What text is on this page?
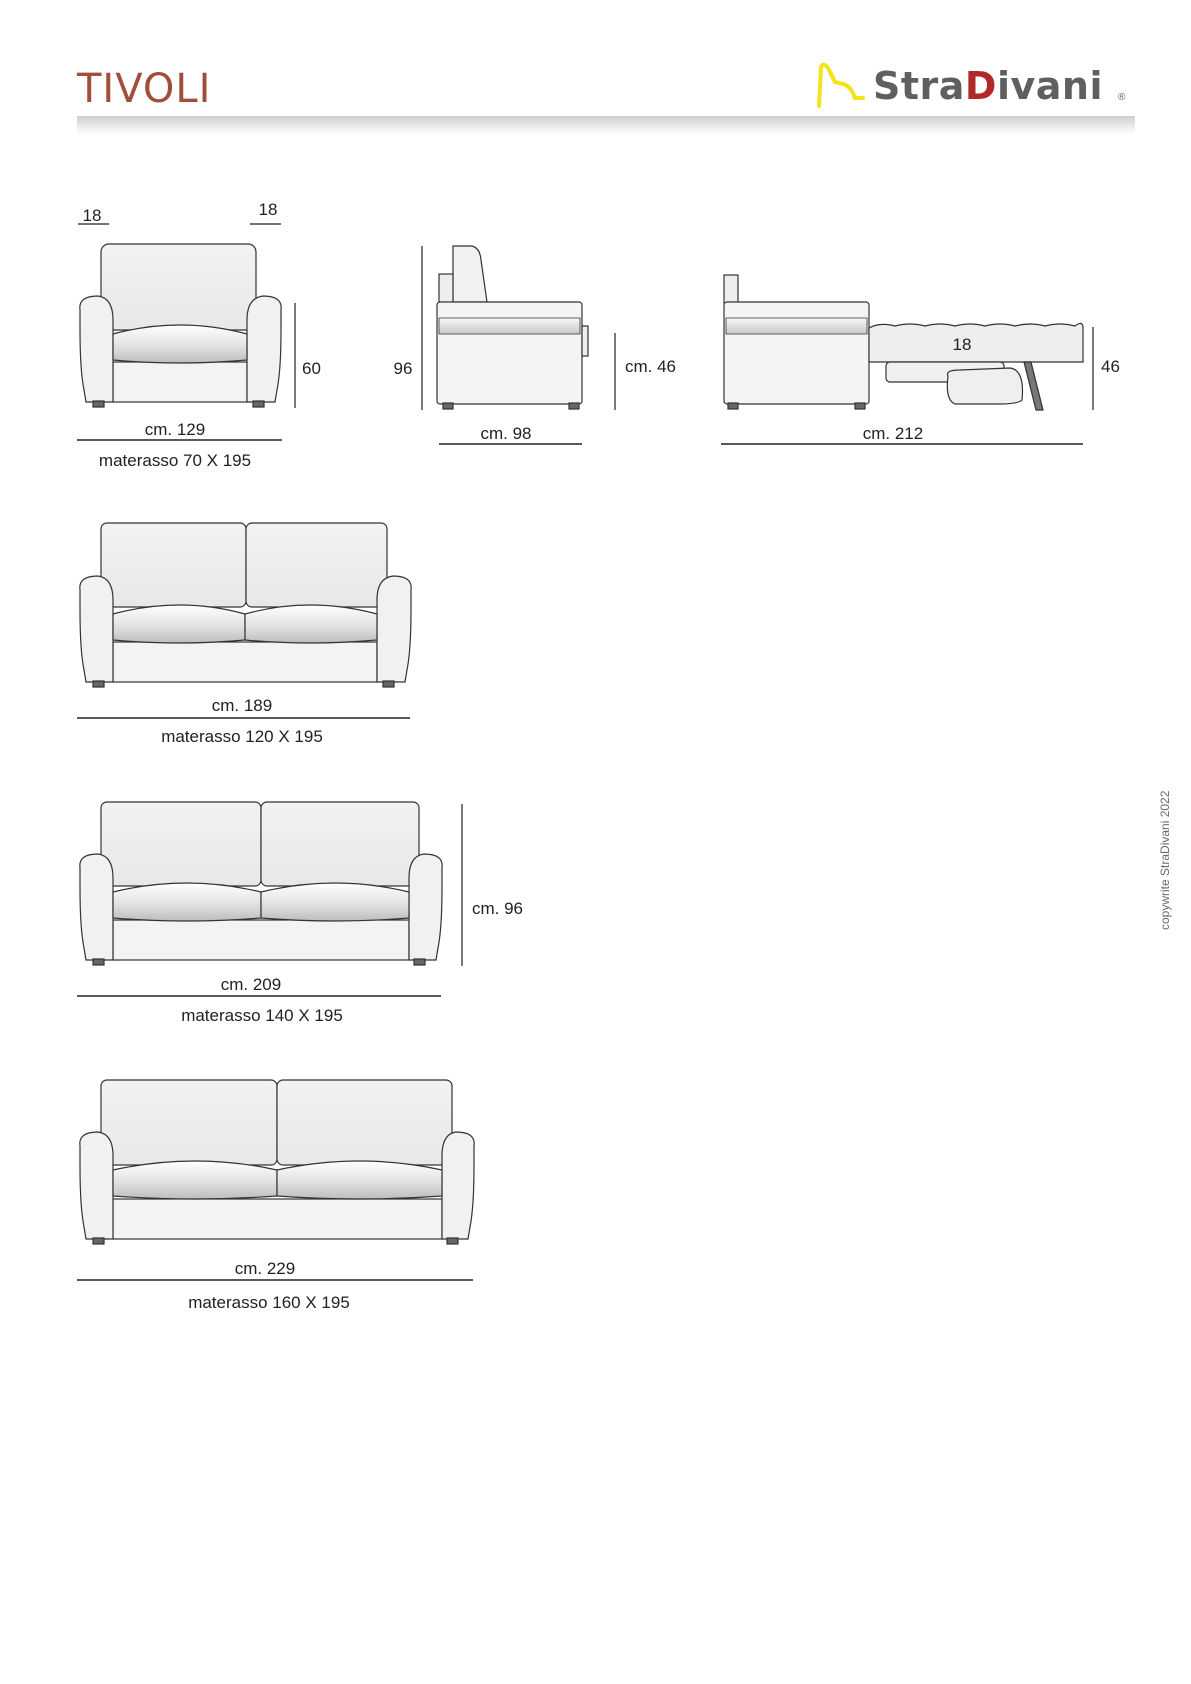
TIVOLI	StraDivani ®
18	18
60
cm. 129
materasso 70 X 195
96	cm. 46
cm. 98
18
46
cm. 212
cm. 189
materasso 120 X 195
cm. 96
cm. 209
materasso 140 X 195
cm. 229
materasso 160 X 195
copywrite StraDivani 2022
